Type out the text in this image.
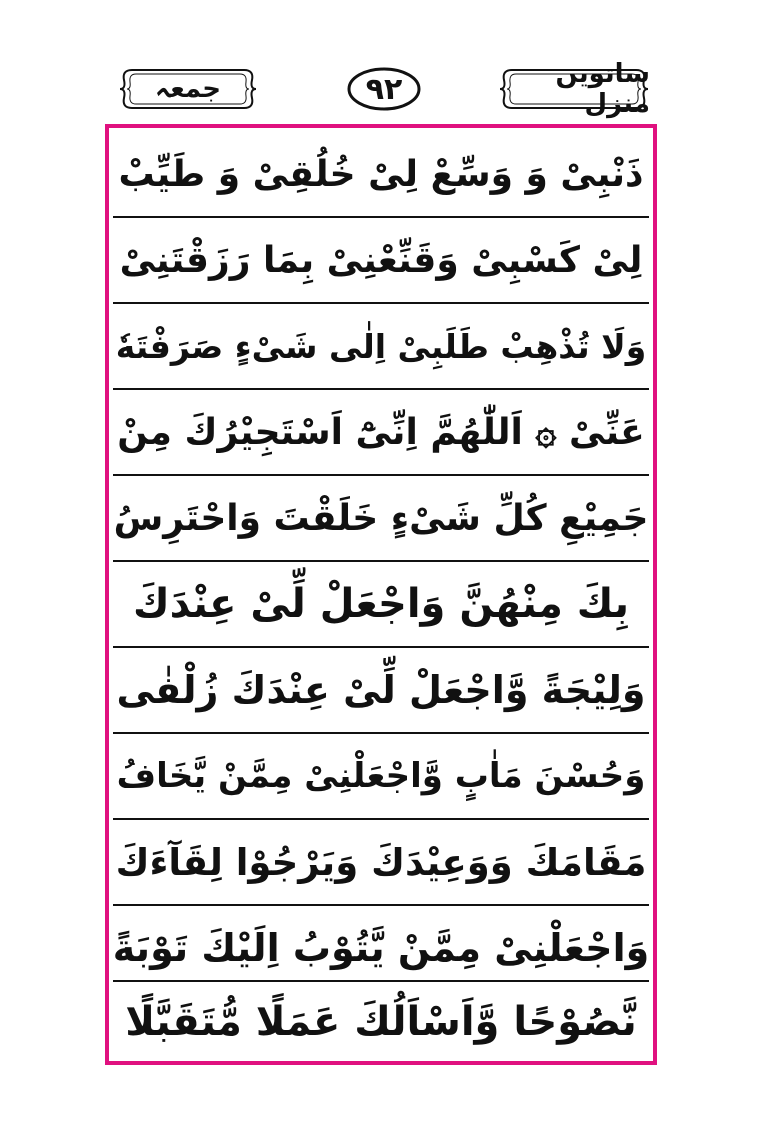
جمعہ	٩٢	ساتویں منزل
ذَنْبِیْ وَ وَسِّعْ لِیْ خُلُقِیْ وَ طَیِّبْ
لِیْ كَسْبِیْ وَقَنِّعْنِیْ بِمَا رَزَقْتَنِیْ
وَلَا تُذْهِبْ طَلَبِیْ اِلٰی شَیْءٍ صَرَفْتَهٗ
عَنِّیْ ۞ اَللّٰهُمَّ اِنِّیْٓ اَسْتَجِیْرُكَ مِنْ
جَمِیْعِ كُلِّ شَیْءٍ خَلَقْتَ وَاحْتَرِسُ
بِكَ مِنْهُنَّ وَاجْعَلْ لِّیْ عِنْدَكَ
وَلِیْجَةً وَّاجْعَلْ لِّیْ عِنْدَكَ زُلْفٰی
وَحُسْنَ مَاٰبٍ وَّاجْعَلْنِیْ مِمَّنْ یَّخَافُ
مَقَامَكَ وَوَعِیْدَكَ وَیَرْجُوْا لِقَآءَكَ
وَاجْعَلْنِیْ مِمَّنْ یَّتُوْبُ اِلَیْكَ تَوْبَةً
نَّصُوْحًا وَّاَسْاَلُكَ عَمَلًا مُّتَقَبَّلًا
